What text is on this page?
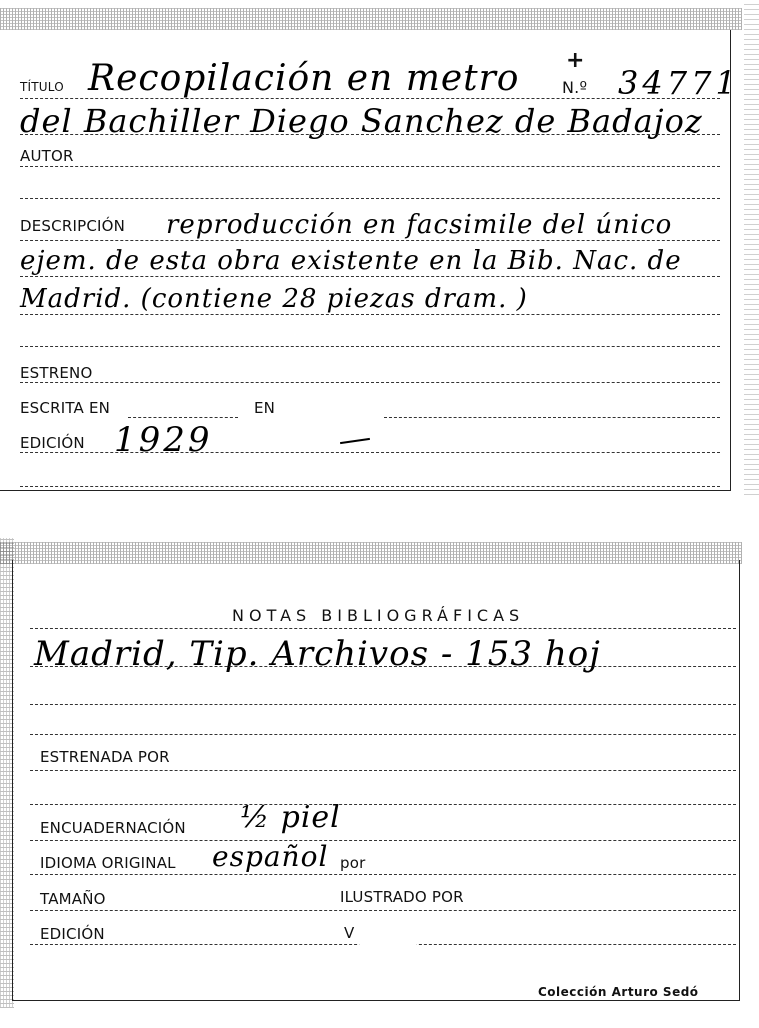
TÍTULO Recopilación en metro +
N.º 34771
del Bachiller Diego Sanchez de Badajoz
AUTOR
DESCRIPCIÓN reproducción en facsimile del único
ejem. de esta obra existente en la Bib. Nac. de
Madrid. (contiene 28 piezas dram. )
ESTRENO
ESCRITA EN	EN
EDICIÓN 1929
NOTAS BIBLIOGRÁFICAS
Madrid, Tip. Archivos - 153 hoj
ESTRENADA POR
ENCUADERNACIÓN ½ piel
IDIOMA ORIGINAL español por
TAMAÑO	ILUSTRADO POR
EDICIÓN	V
Colección Arturo Sedó
